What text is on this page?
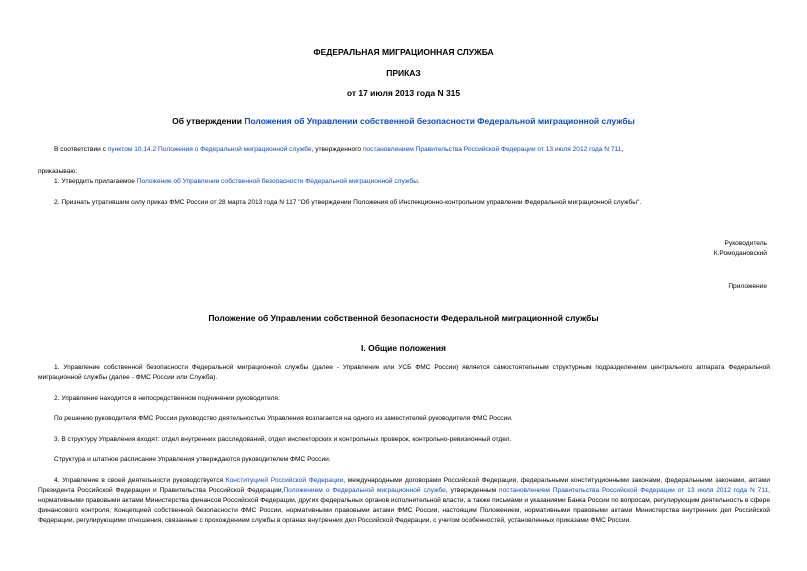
ФЕДЕРАЛЬНАЯ МИГРАЦИОННАЯ СЛУЖБА
ПРИКАЗ
от 17 июля 2013 года N 315
Об утверждении Положения об Управлении собственной безопасности Федеральной миграционной службы
В соответствии с пунктом 10.14.2 Положения о Федеральной миграционной службе, утвержденного постановлением Правительства Российской Федерации от 13 июля 2012 года N 711,
приказываю:
1. Утвердить прилагаемое Положение об Управлении собственной безопасности Федеральной миграционной службы.
2. Признать утратившим силу приказ ФМС России от 28 марта 2013 года N 117 "Об утверждении Положения об Инспекционно-контрольном управлении Федеральной миграционной службы".
Руководитель
К.Ромодановский
Приложение
Положение об Управлении собственной безопасности Федеральной миграционной службы
I. Общие положения
1. Управление собственной безопасности Федеральной миграционной службы (далее - Управление или УСБ ФМС России) является самостоятельным структурным подразделением центрального аппарата Федеральной миграционной службы (далее - ФМС России или Служба).
2. Управление находится в непосредственном подчинении руководителя.
По решению руководителя ФМС России руководство деятельностью Управления возлагается на одного из заместителей руководителя ФМС России.
3. В структуру Управления входят: отдел внутренних расследований, отдел инспекторских и контрольных проверок, контрольно-ревизионный отдел.
Структура и штатное расписание Управления утверждаются руководителем ФМС России.
4. Управление в своей деятельности руководствуется Конституцией Российской Федерации, международными договорами Российской Федерации, федеральными конституционными законами, федеральными законами, актами Президента Российской Федерации и Правительства Российской Федерации,Положением о Федеральной миграционной службе, утвержденным постановлением Правительства Российской Федерации от 13 июля 2012 года N 711, нормативными правовыми актами Министерства финансов Российской Федерации, других федеральных органов исполнительной власти, а также письмами и указаниями Банка России по вопросам, регулирующим деятельность в сфере финансового контроля, Концепцией собственной безопасности ФМС России, нормативными правовыми актами ФМС России, настоящим Положением, нормативными правовыми актами Министерства внутренних дел Российской Федерации, регулирующими отношения, связанные с прохождением службы в органах внутренних дел Российской Федерации, с учетом особенностей, установленных приказами ФМС России.
